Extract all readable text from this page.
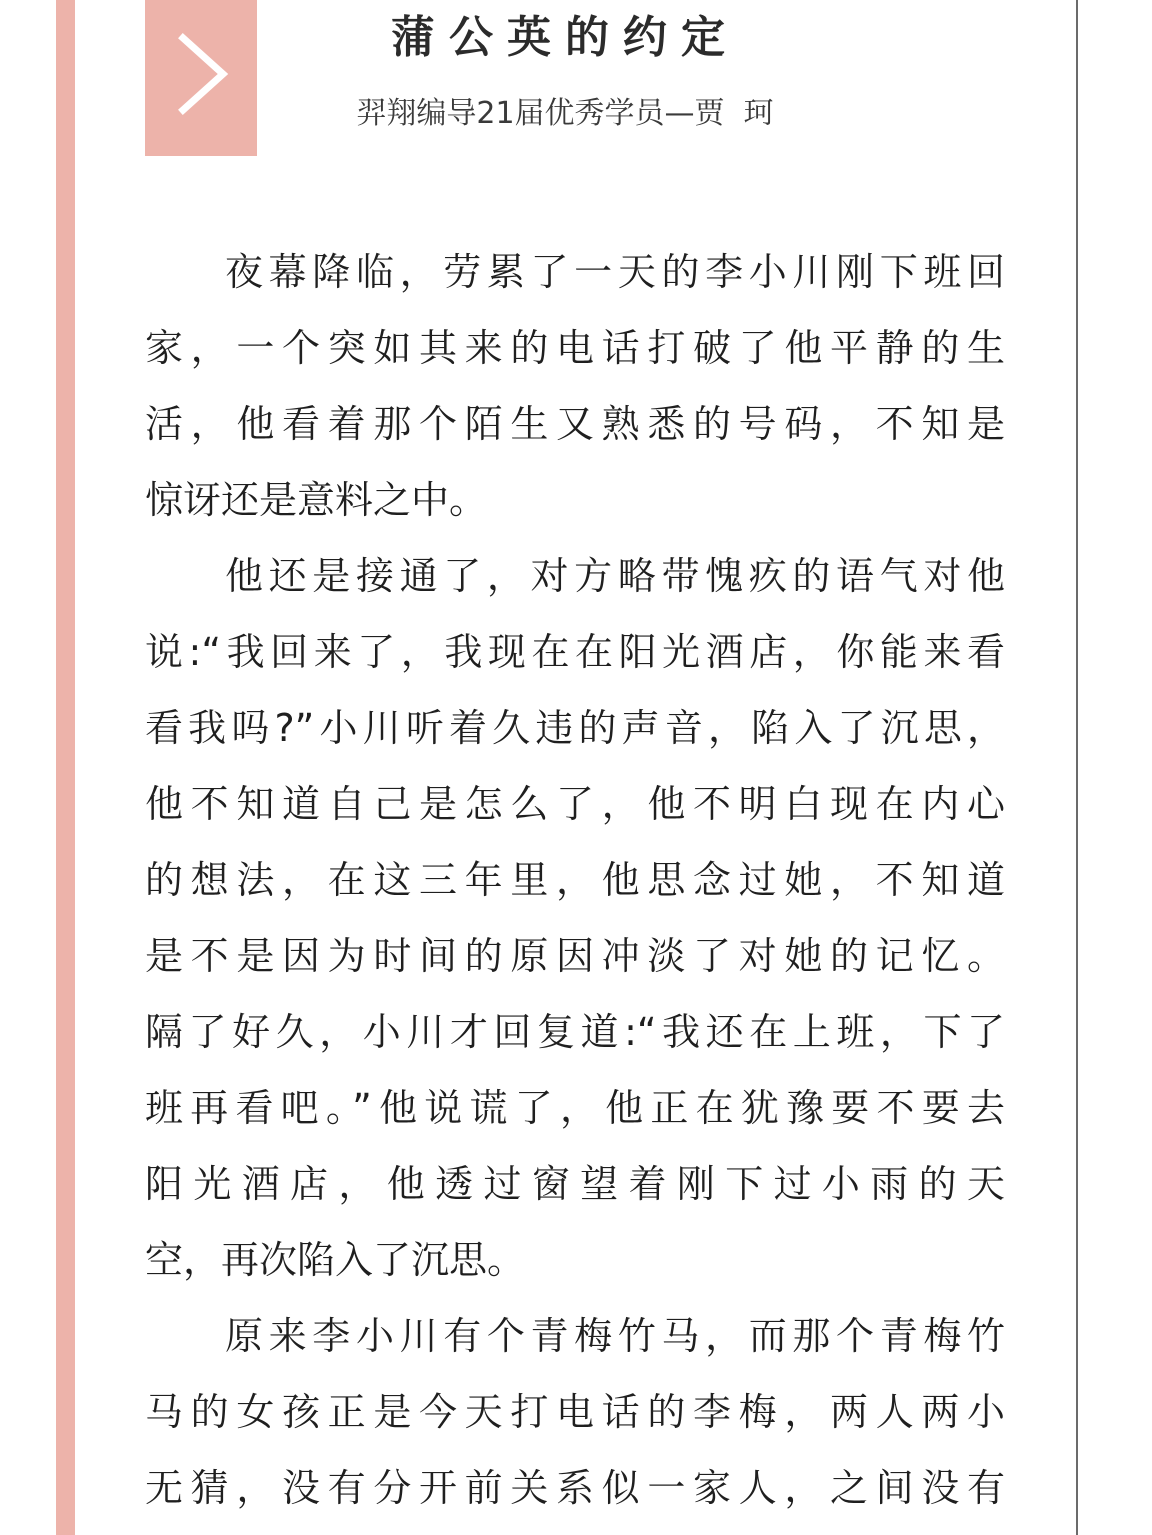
蒲公英的约定
羿翔编导21届优秀学员—贾  珂
夜幕降临，劳累了一天的李小川刚下班回
家，一个突如其来的电话打破了他平静的生
活，他看着那个陌生又熟悉的号码，不知是
惊讶还是意料之中。
他还是接通了，对方略带愧疚的语气对他
说:“我回来了，我现在在阳光酒店，你能来看
看我吗?”小川听着久违的声音，陷入了沉思，
他不知道自己是怎么了，他不明白现在内心
的想法，在这三年里，他思念过她，不知道
是不是因为时间的原因冲淡了对她的记忆。
隔了好久，小川才回复道:“我还在上班，下了
班再看吧。”他说谎了，他正在犹豫要不要去
阳光酒店，他透过窗望着刚下过小雨的天
空，再次陷入了沉思。
原来李小川有个青梅竹马，而那个青梅竹
马的女孩正是今天打电话的李梅，两人两小
无猜，没有分开前关系似一家人，之间没有
